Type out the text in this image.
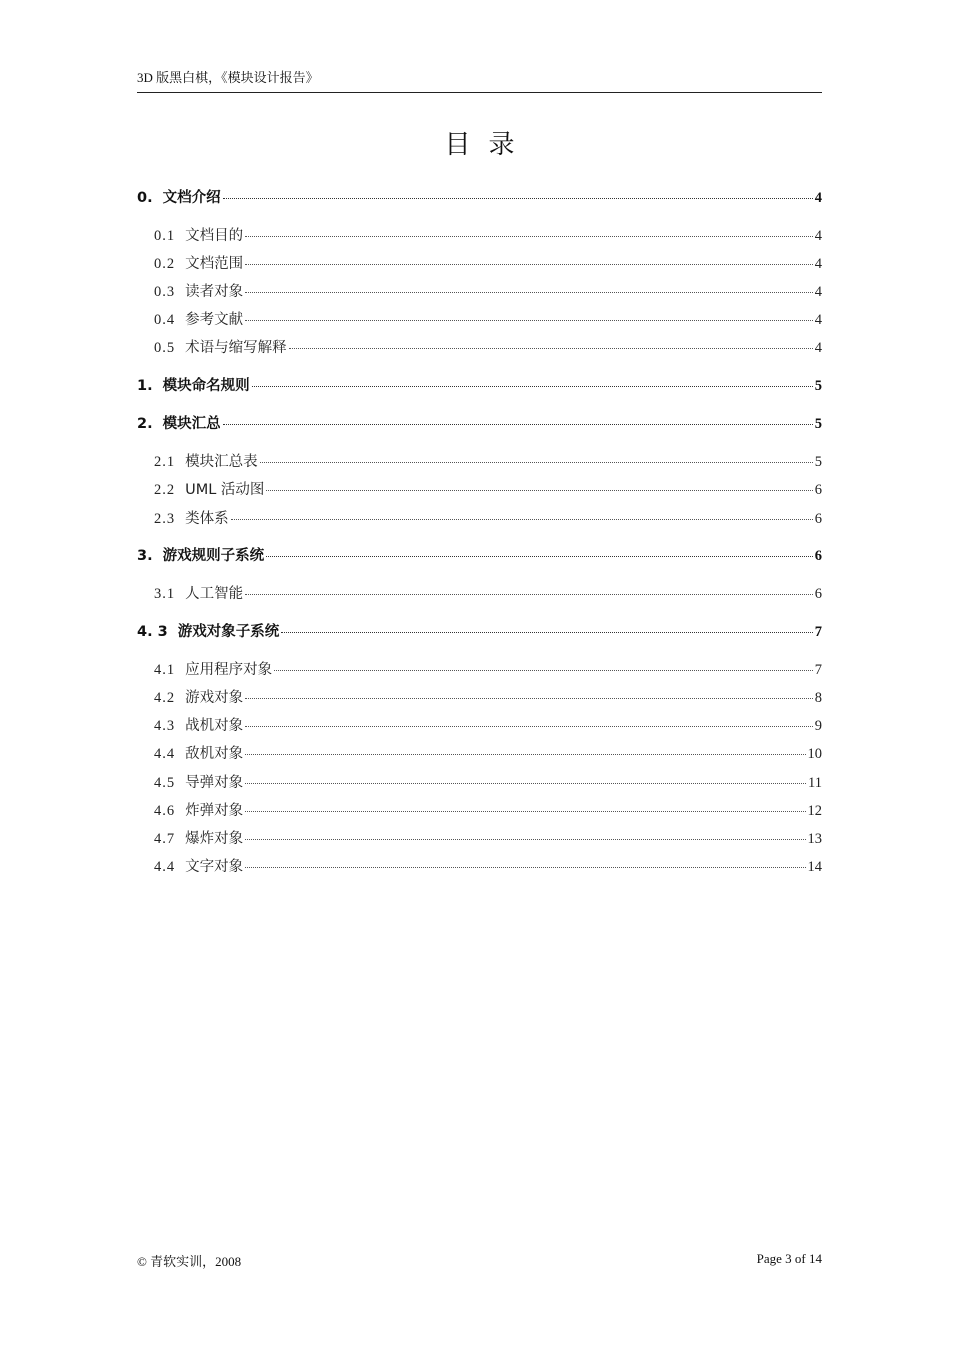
3D 版黑白棋，《模块设计报告》
目录
0. 文档介绍	4
0.1 文档目的	4
0.2 文档范围	4
0.3 读者对象	4
0.4 参考文献	4
0.5 术语与缩写解释	4
1. 模块命名规则	5
2. 模块汇总	5
2.1 模块汇总表	5
2.2 UML 活动图	6
2.3 类体系	6
3. 游戏规则子系统	6
3.1 人工智能	6
4. 3 游戏对象子系统	7
4.1 应用程序对象	7
4.2 游戏对象	8
4.3 战机对象	9
4.4 敌机对象	10
4.5 导弹对象	11
4.6 炸弹对象	12
4.7 爆炸对象	13
4.4 文字对象	14
© 青软实训，2008	Page 3 of 14
